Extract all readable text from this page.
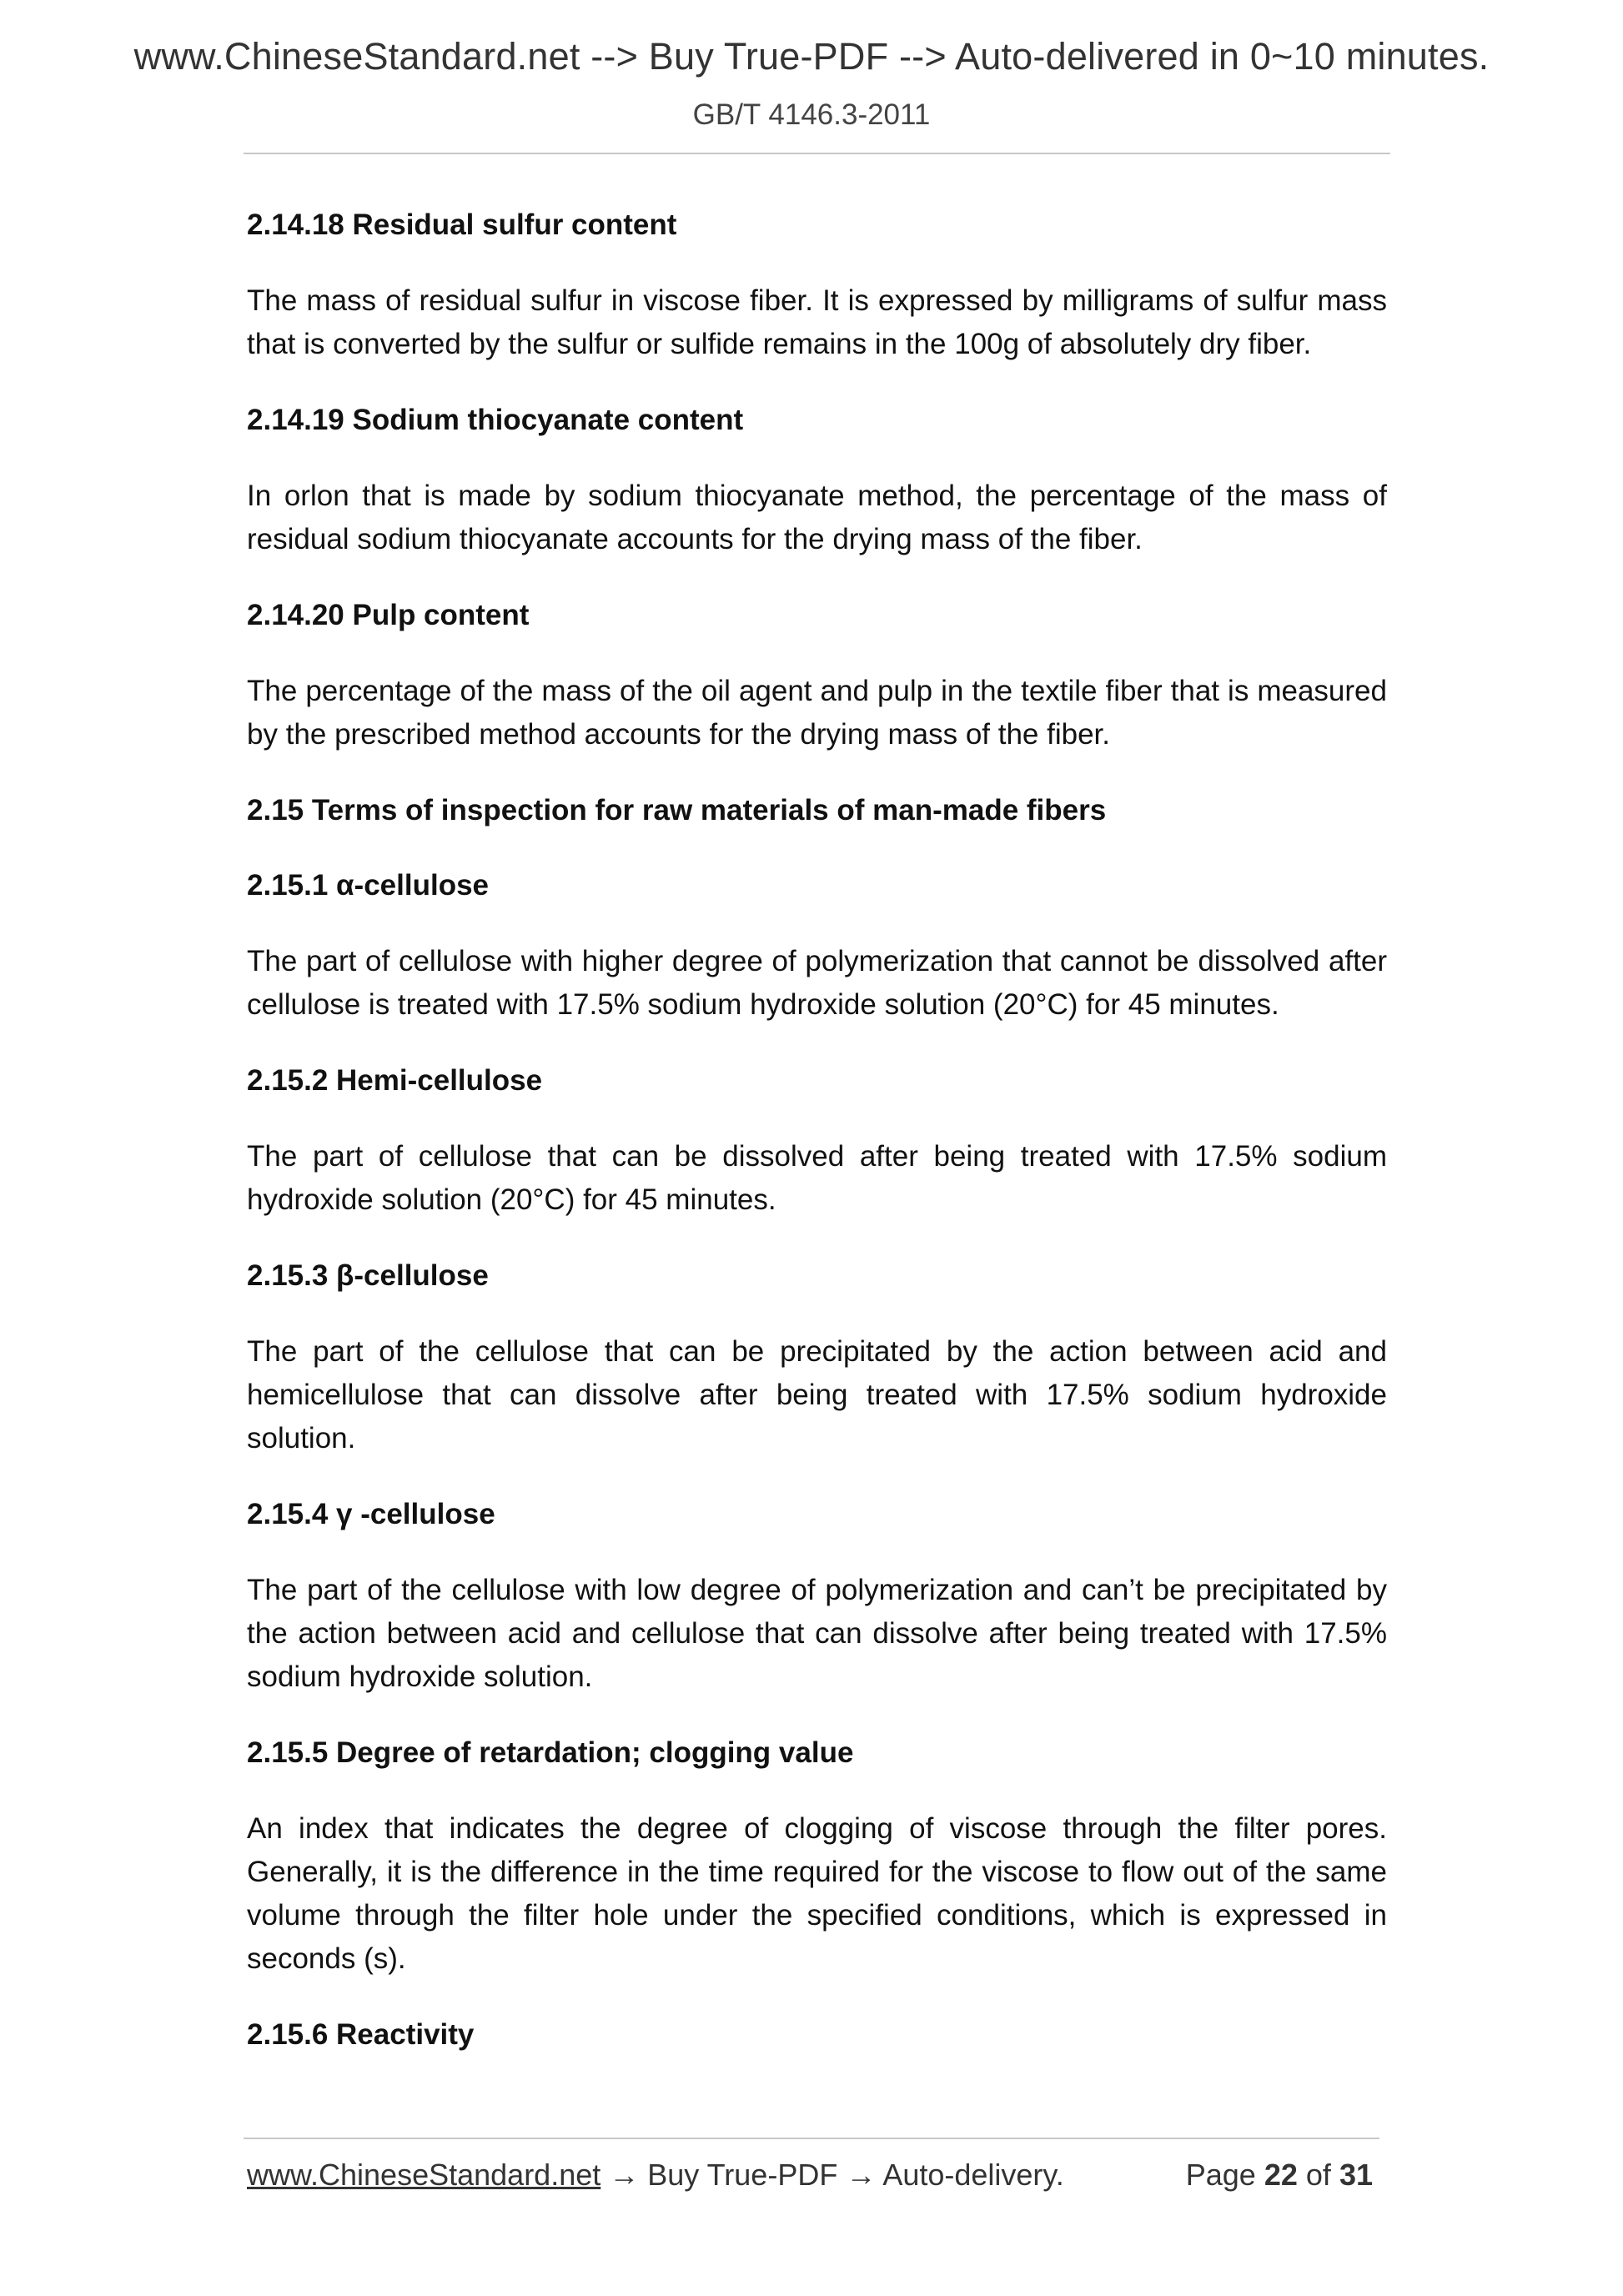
www.ChineseStandard.net --> Buy True-PDF --> Auto-delivered in 0~10 minutes.
GB/T 4146.3-2011
2.14.18 Residual sulfur content
The mass of residual sulfur in viscose fiber. It is expressed by milligrams of sulfur mass that is converted by the sulfur or sulfide remains in the 100g of absolutely dry fiber.
2.14.19 Sodium thiocyanate content
In orlon that is made by sodium thiocyanate method, the percentage of the mass of residual sodium thiocyanate accounts for the drying mass of the fiber.
2.14.20 Pulp content
The percentage of the mass of the oil agent and pulp in the textile fiber that is measured by the prescribed method accounts for the drying mass of the fiber.
2.15 Terms of inspection for raw materials of man-made fibers
2.15.1 α-cellulose
The part of cellulose with higher degree of polymerization that cannot be dissolved after cellulose is treated with 17.5% sodium hydroxide solution (20°C) for 45 minutes.
2.15.2 Hemi-cellulose
The part of cellulose that can be dissolved after being treated with 17.5% sodium hydroxide solution (20°C) for 45 minutes.
2.15.3 β-cellulose
The part of the cellulose that can be precipitated by the action between acid and hemicellulose that can dissolve after being treated with 17.5% sodium hydroxide solution.
2.15.4 γ -cellulose
The part of the cellulose with low degree of polymerization and can’t be precipitated by the action between acid and cellulose that can dissolve after being treated with 17.5% sodium hydroxide solution.
2.15.5 Degree of retardation; clogging value
An index that indicates the degree of clogging of viscose through the filter pores. Generally, it is the difference in the time required for the viscose to flow out of the same volume through the filter hole under the specified conditions, which is expressed in seconds (s).
2.15.6 Reactivity
www.ChineseStandard.net → Buy True-PDF → Auto-delivery.	Page 22 of 31
